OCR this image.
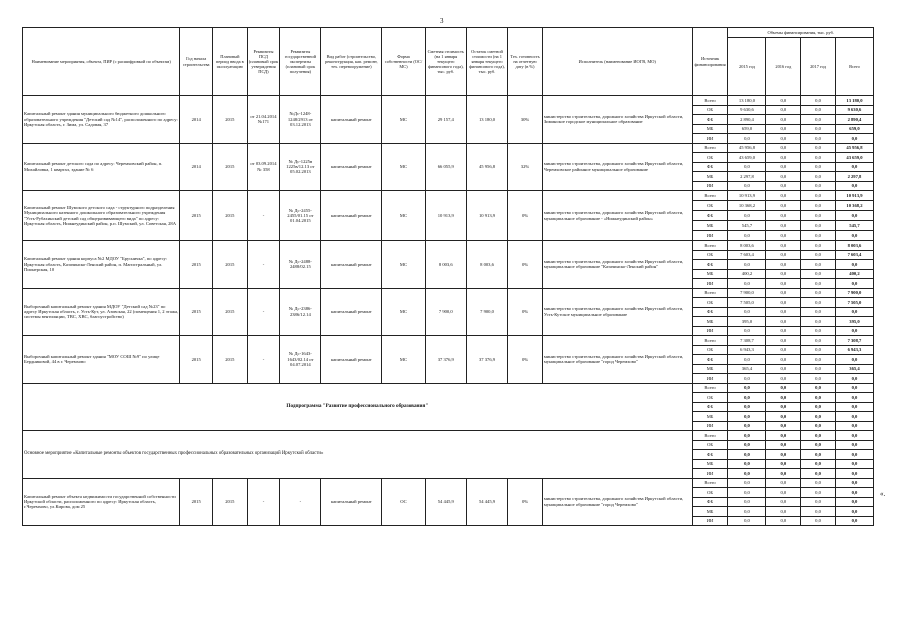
3
«.
Наименование мероприятия, объекта, ПИР (с расшифровкой по объектам)	Год начала строительства	Плановый период ввода в эксплуатацию	Реквизиты ПСД (плановый срок утверждения ПСД)	Реквизиты государственной экспертизы (плановый срок получения)	Вид работ (строительство, реконструкция, кап. ремонт, тех. перевооружение)	Форма собственности (ОС/МС)	Сметная стоимость (на 1 января текущего финансового года), тыс. руб.	Остаток сметной стоимости (на 1 января текущего финансового года), тыс. руб.	Тех. готовность на отчетную дату (в %)	Исполнитель (наименование ИОГВ, МО)	Источник финансирования	Объемы финансирования, тыс. руб.			
												2015 год	2016 год	2017 год	Всего
Капитальный ремонт здания муниципального бюджетного дошкольного образовательного учреждения "Детский сад №14", расположенного по адресу: Иркутская область, г. Зима, ул. Садовая, 37	2014	2015	от 21.04.2014 №171	№Дс-1248-1248/2913 от 03.12.2013	капитальный ремонт	МС	29 157,4	13 180,0	30%	министерство строительства, дорожного хозяйства Иркутской области, Зиминское городское муниципальное образование	Всего	13 180,0	0,0	0,0	13 180,0
											ОБ	9 630,6	0,0	0,0	9 630,6
											ФБ	2 890,4	0,0	0,0	2 890,4
											МБ	659,0	0,0	0,0	659,0
											ИИ	0,0	0,0	0,0	0,0
Капитальный ремонт детского сада по адресу: Черемховский район, п. Михайловка, 1 квартал, здание № 6	2014	2015	от 03.09.2014 № 358	№ Дс-1225в 1225в/12.13 от 05.02.2013	капитальный ремонт	МС	66 055,9	45 956,8	32%	министерство строительства, дорожного хозяйства Иркутской области, Черемховское районное муниципальное образование	Всего	45 956,8	0,0	0,0	45 956,8
											ОБ	43 659,0	0,0	0,0	43 659,0
											ФБ	0,0	0,0	0,0	0,0
											МБ	2 297,8	0,0	0,0	2 297,8
											ИИ	0,0	0,0	0,0	0,0
Капитальный ремонт Шумского детского сада - структурного подразделения Муниципального казенного дошкольного образовательного учреждения "Усть-Рубахинский детский сад общеразвивающего вида" по адресу: Иркутская область, Нижнеудинский район, р.п. Шумский, ул. Советская, 28А	2015	2015	-	№ Дс-2455-2455/01.15 от 01.04.2015	капитальный ремонт	МС	10 913,9	10 913,9	0%	министерство строительства, дорожного хозяйства Иркутской области, муниципальное образование - «Нижнеудинский район»	Всего	10 913,9	0,0	0,0	10 913,9
											ОБ	10 368,2	0,0	0,0	10 368,2
											ФБ	0,0	0,0	0,0	0,0
											МБ	545,7	0,0	0,0	545,7
											ИИ	0,0	0,0	0,0	0,0
Капитальный ремонт здания корпуса №2 МДОУ "Брусничка", по адресу: Иркутская область, Казачинско-Ленский район, п. Магистральный, ул. Пионерская, 10	2015	2015	-	№ Дс-2488-2488/02.15	капитальный ремонт	МС	8 003,6	8 003,6	0%	министерство строительства, дорожного хозяйства Иркутской области, муниципальное образование "Казачинско-Ленский район"	Всего	8 003,6	0,0	0,0	8 003,6
											ОБ	7 603,4	0,0	0,0	7 603,4
											ФБ	0,0	0,0	0,0	0,0
											МБ	400,2	0,0	0,0	400,2
											ИИ	0,0	0,0	0,0	0,0
Выборочный капитальный ремонт здания МДОУ "Детский сад №23" по адресу Иркутская область, г. Усть-Кут, ул. Азовская, 22 (помещения 1, 2 этажа, системы вентиляции, ТВС, ХВС, благоустройство)	2015	2015	-	№ Дс-2386-2386/12.14	капитальный ремонт	МС	7 900,0	7 900,0	0%	министерство строительства, дорожного хозяйства Иркутской области, Усть-Кутское муниципальное образование	Всего	7 900,0	0,0	0,0	7 900,0
											ОБ	7 505,0	0,0	0,0	7 505,0
											ФБ	0,0	0,0	0,0	0,0
											МБ	395,0	0,0	0,0	395,0
											ИИ	0,0	0,0	0,0	0,0
Выборочный капитальный ремонт здания "МОУ СОШ №9" по улице Бердниковой, 44 в г. Черемхово	2015	2015	-	№ Дс-1643-1643/02.14 от 04.07.2014	капитальный ремонт	МС	37 376,9	37 376,9	0%	министерство строительства, дорожного хозяйства Иркутской области, муниципальное образование "город Черемхово"	Всего	7 308,7	0,0	0,0	7 308,7
											ОБ	6 943,3	0,0	0,0	6 943,3
											ФБ	0,0	0,0	0,0	0,0
											МБ	365,4	0,0	0,0	365,4
											ИИ	0,0	0,0	0,0	0,0
Подпрограмма "Развитие профессионального образования"											Всего	0,0	0,0	0,0	0,0
											ОБ	0,0	0,0	0,0	0,0
											ФБ	0,0	0,0	0,0	0,0
											МБ	0,0	0,0	0,0	0,0
											ИИ	0,0	0,0	0,0	0,0
Основное мероприятие «Капитальные ремонты объектов государственных профессиональных образовательных организаций Иркутской области»											Всего	0,0	0,0	0,0	0,0
											ОБ	0,0	0,0	0,0	0,0
											ФБ	0,0	0,0	0,0	0,0
											МБ	0,0	0,0	0,0	0,0
											ИИ	0,0	0,0	0,0	0,0
Капитальный ремонт объекта недвижимости государственной собственности Иркутской области, расположенного по адресу: Иркутская область, г.Черемхово, ул.Кирова, дом 25	2015	2015	-	-	капитальный ремонт	ОС	54 445,9	54 445,9	0%	министерство строительства, дорожного хозяйства Иркутской области, муниципальное образование "город Черемхово"	Всего	0,0	0,0	0,0	0,0
											ОБ	0,0	0,0	0,0	0,0
											ФБ	0,0	0,0	0,0	0,0
											МБ	0,0	0,0	0,0	0,0
											ИИ	0,0	0,0	0,0	0,0
